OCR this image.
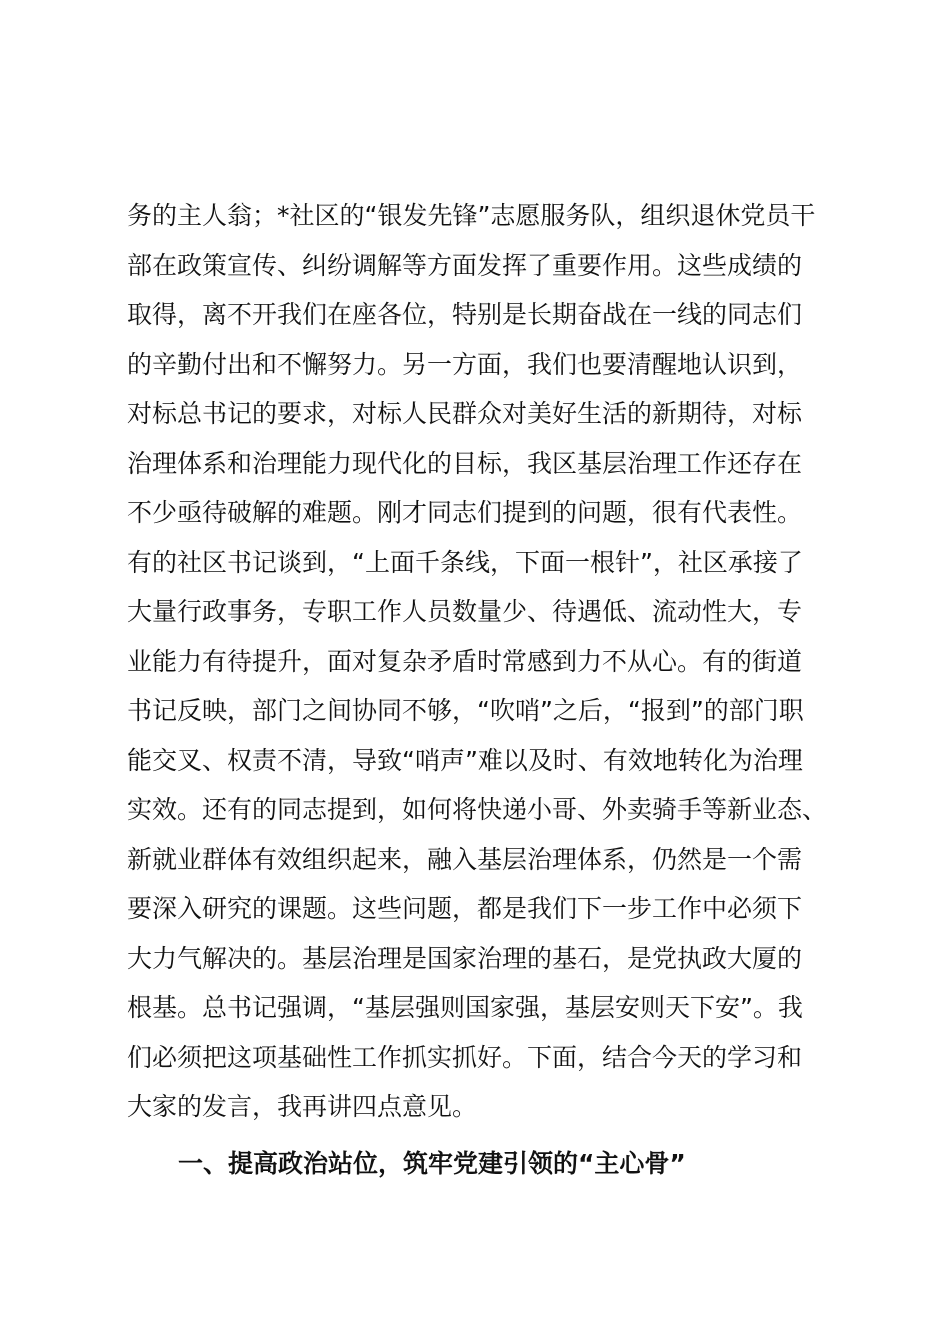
务的主人翁；*社区的“银发先锋”志愿服务队，组织退休党员干
部在政策宣传、纠纷调解等方面发挥了重要作用。这些成绩的
取得，离不开我们在座各位，特别是长期奋战在一线的同志们
的辛勤付出和不懈努力。另一方面，我们也要清醒地认识到，
对标总书记的要求，对标人民群众对美好生活的新期待，对标
治理体系和治理能力现代化的目标，我区基层治理工作还存在
不少亟待破解的难题。刚才同志们提到的问题，很有代表性。
有的社区书记谈到，“上面千条线，下面一根针”，社区承接了
大量行政事务，专职工作人员数量少、待遇低、流动性大，专
业能力有待提升，面对复杂矛盾时常感到力不从心。有的街道
书记反映，部门之间协同不够，“吹哨”之后，“报到”的部门职
能交叉、权责不清，导致“哨声”难以及时、有效地转化为治理
实效。还有的同志提到，如何将快递小哥、外卖骑手等新业态、
新就业群体有效组织起来，融入基层治理体系，仍然是一个需
要深入研究的课题。这些问题，都是我们下一步工作中必须下
大力气解决的。基层治理是国家治理的基石，是党执政大厦的
根基。总书记强调，“基层强则国家强，基层安则天下安”。我
们必须把这项基础性工作抓实抓好。下面，结合今天的学习和
大家的发言，我再讲四点意见。
一、提高政治站位，筑牢党建引领的“主心骨”
